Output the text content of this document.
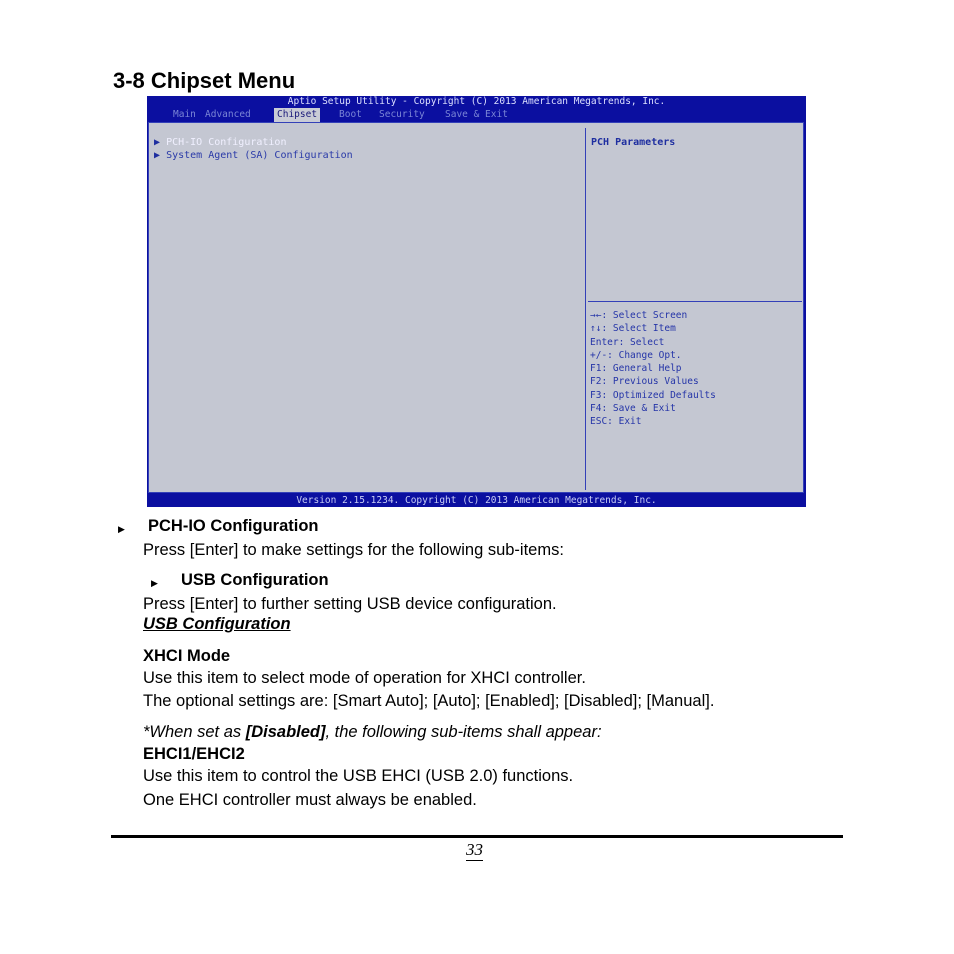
3-8 Chipset Menu
Aptio Setup Utility - Copyright (C) 2013 American Megatrends, Inc.
Main Advanced	Chipset	Boot Security Save & Exit
▶ PCH-IO Configuration
▶ System Agent (SA) Configuration
PCH Parameters
→←: Select Screen
↑↓: Select Item
Enter: Select
+/-: Change Opt.
F1: General Help
F2: Previous Values
F3: Optimized Defaults
F4: Save & Exit
ESC: Exit
Version 2.15.1234. Copyright (C) 2013 American Megatrends, Inc.
▶ PCH-IO Configuration
Press [Enter] to make settings for the following sub-items:
▶ USB Configuration
Press [Enter] to further setting USB device configuration.
USB Configuration
XHCI Mode
Use this item to select mode of operation for XHCI controller.
The optional settings are: [Smart Auto]; [Auto]; [Enabled]; [Disabled]; [Manual].
*When set as [Disabled], the following sub-items shall appear:
EHCI1/EHCI2
Use this item to control the USB EHCI (USB 2.0) functions.
One EHCI controller must always be enabled.
33
